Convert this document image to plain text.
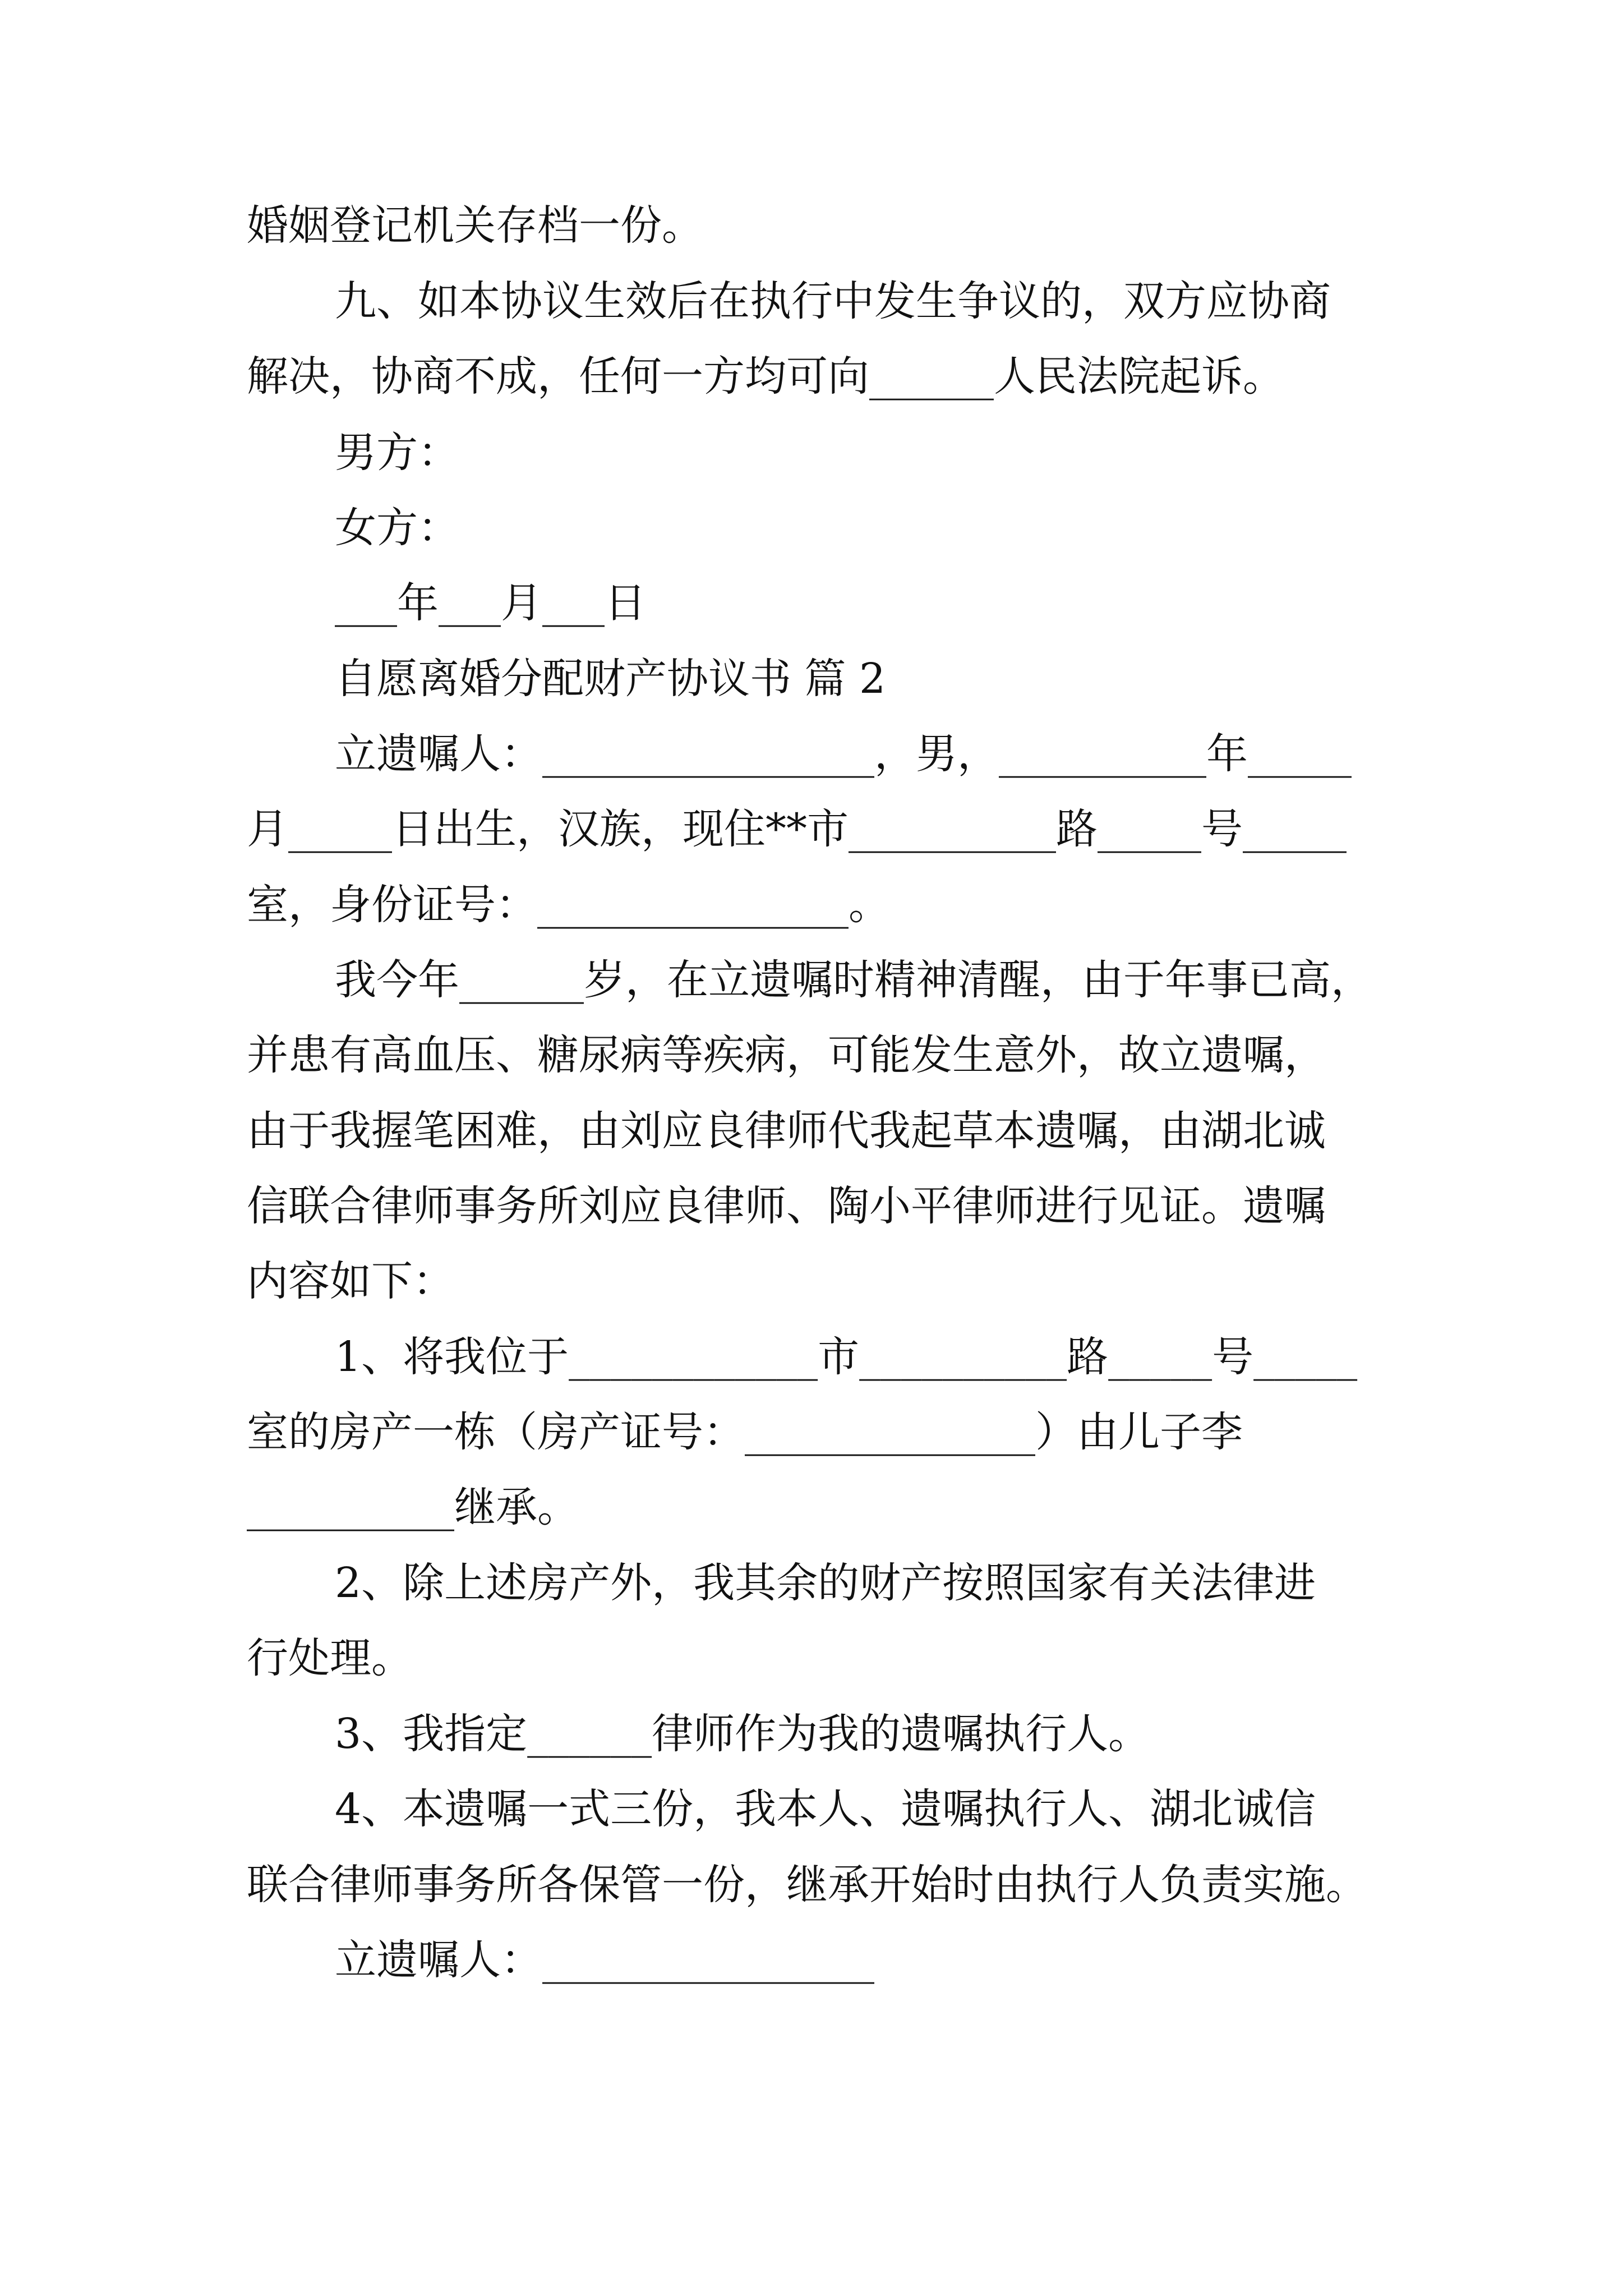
婚姻登记机关存档一份。
九、如本协议生效后在执行中发生争议的，双方应协商
解决，协商不成，任何一方均可向______人民法院起诉。
男方：
女方：
___年___月___日
自愿离婚分配财产协议书 篇 2
立遗嘱人：________________，男，__________年_____
月_____日出生，汉族，现住**市__________路_____号_____
室，身份证号：_______________。
我今年______岁，在立遗嘱时精神清醒，由于年事已高，
并患有高血压、糖尿病等疾病，可能发生意外，故立遗嘱，
由于我握笔困难，由刘应良律师代我起草本遗嘱，由湖北诚
信联合律师事务所刘应良律师、陶小平律师进行见证。遗嘱
内容如下：
1、将我位于____________市__________路_____号_____
室的房产一栋（房产证号：______________）由儿子李
__________继承。
2、除上述房产外，我其余的财产按照国家有关法律进
行处理。
3、我指定______律师作为我的遗嘱执行人。
4、本遗嘱一式三份，我本人、遗嘱执行人、湖北诚信
联合律师事务所各保管一份，继承开始时由执行人负责实施。
立遗嘱人：________________
